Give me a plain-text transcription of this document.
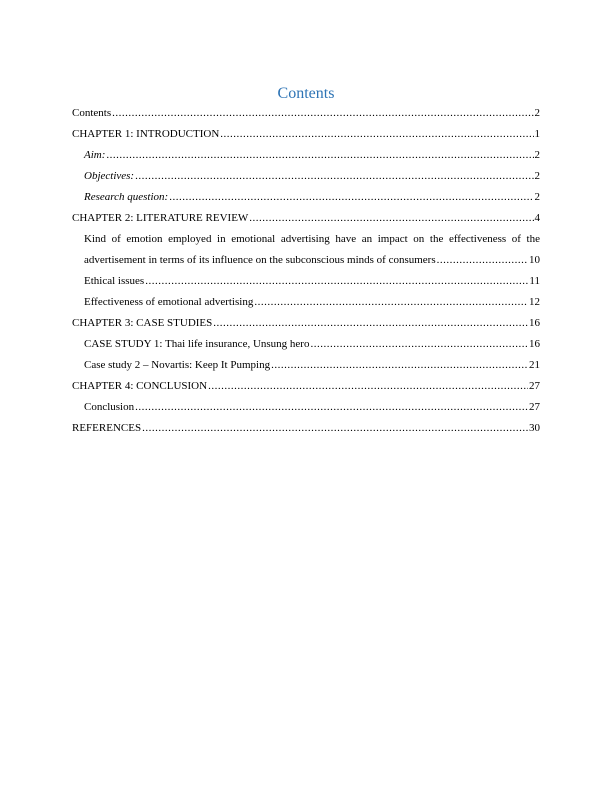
Contents
Contents .....	2
CHAPTER 1: INTRODUCTION .....	1
Aim: .....	2
Objectives: .....	2
Research question: .....	2
CHAPTER 2: LITERATURE REVIEW .....	4
Kind of emotion employed in emotional advertising have an impact on the effectiveness of the
advertisement in terms of its influence on the subconscious minds of consumers .....	10
Ethical issues .....	11
Effectiveness of emotional advertising .....	12
CHAPTER 3: CASE STUDIES .....	16
CASE STUDY 1: Thai life insurance, Unsung hero .....	16
Case study 2 – Novartis: Keep It Pumping .....	21
CHAPTER 4: CONCLUSION .....	27
Conclusion .....	27
REFERENCES .....	30
